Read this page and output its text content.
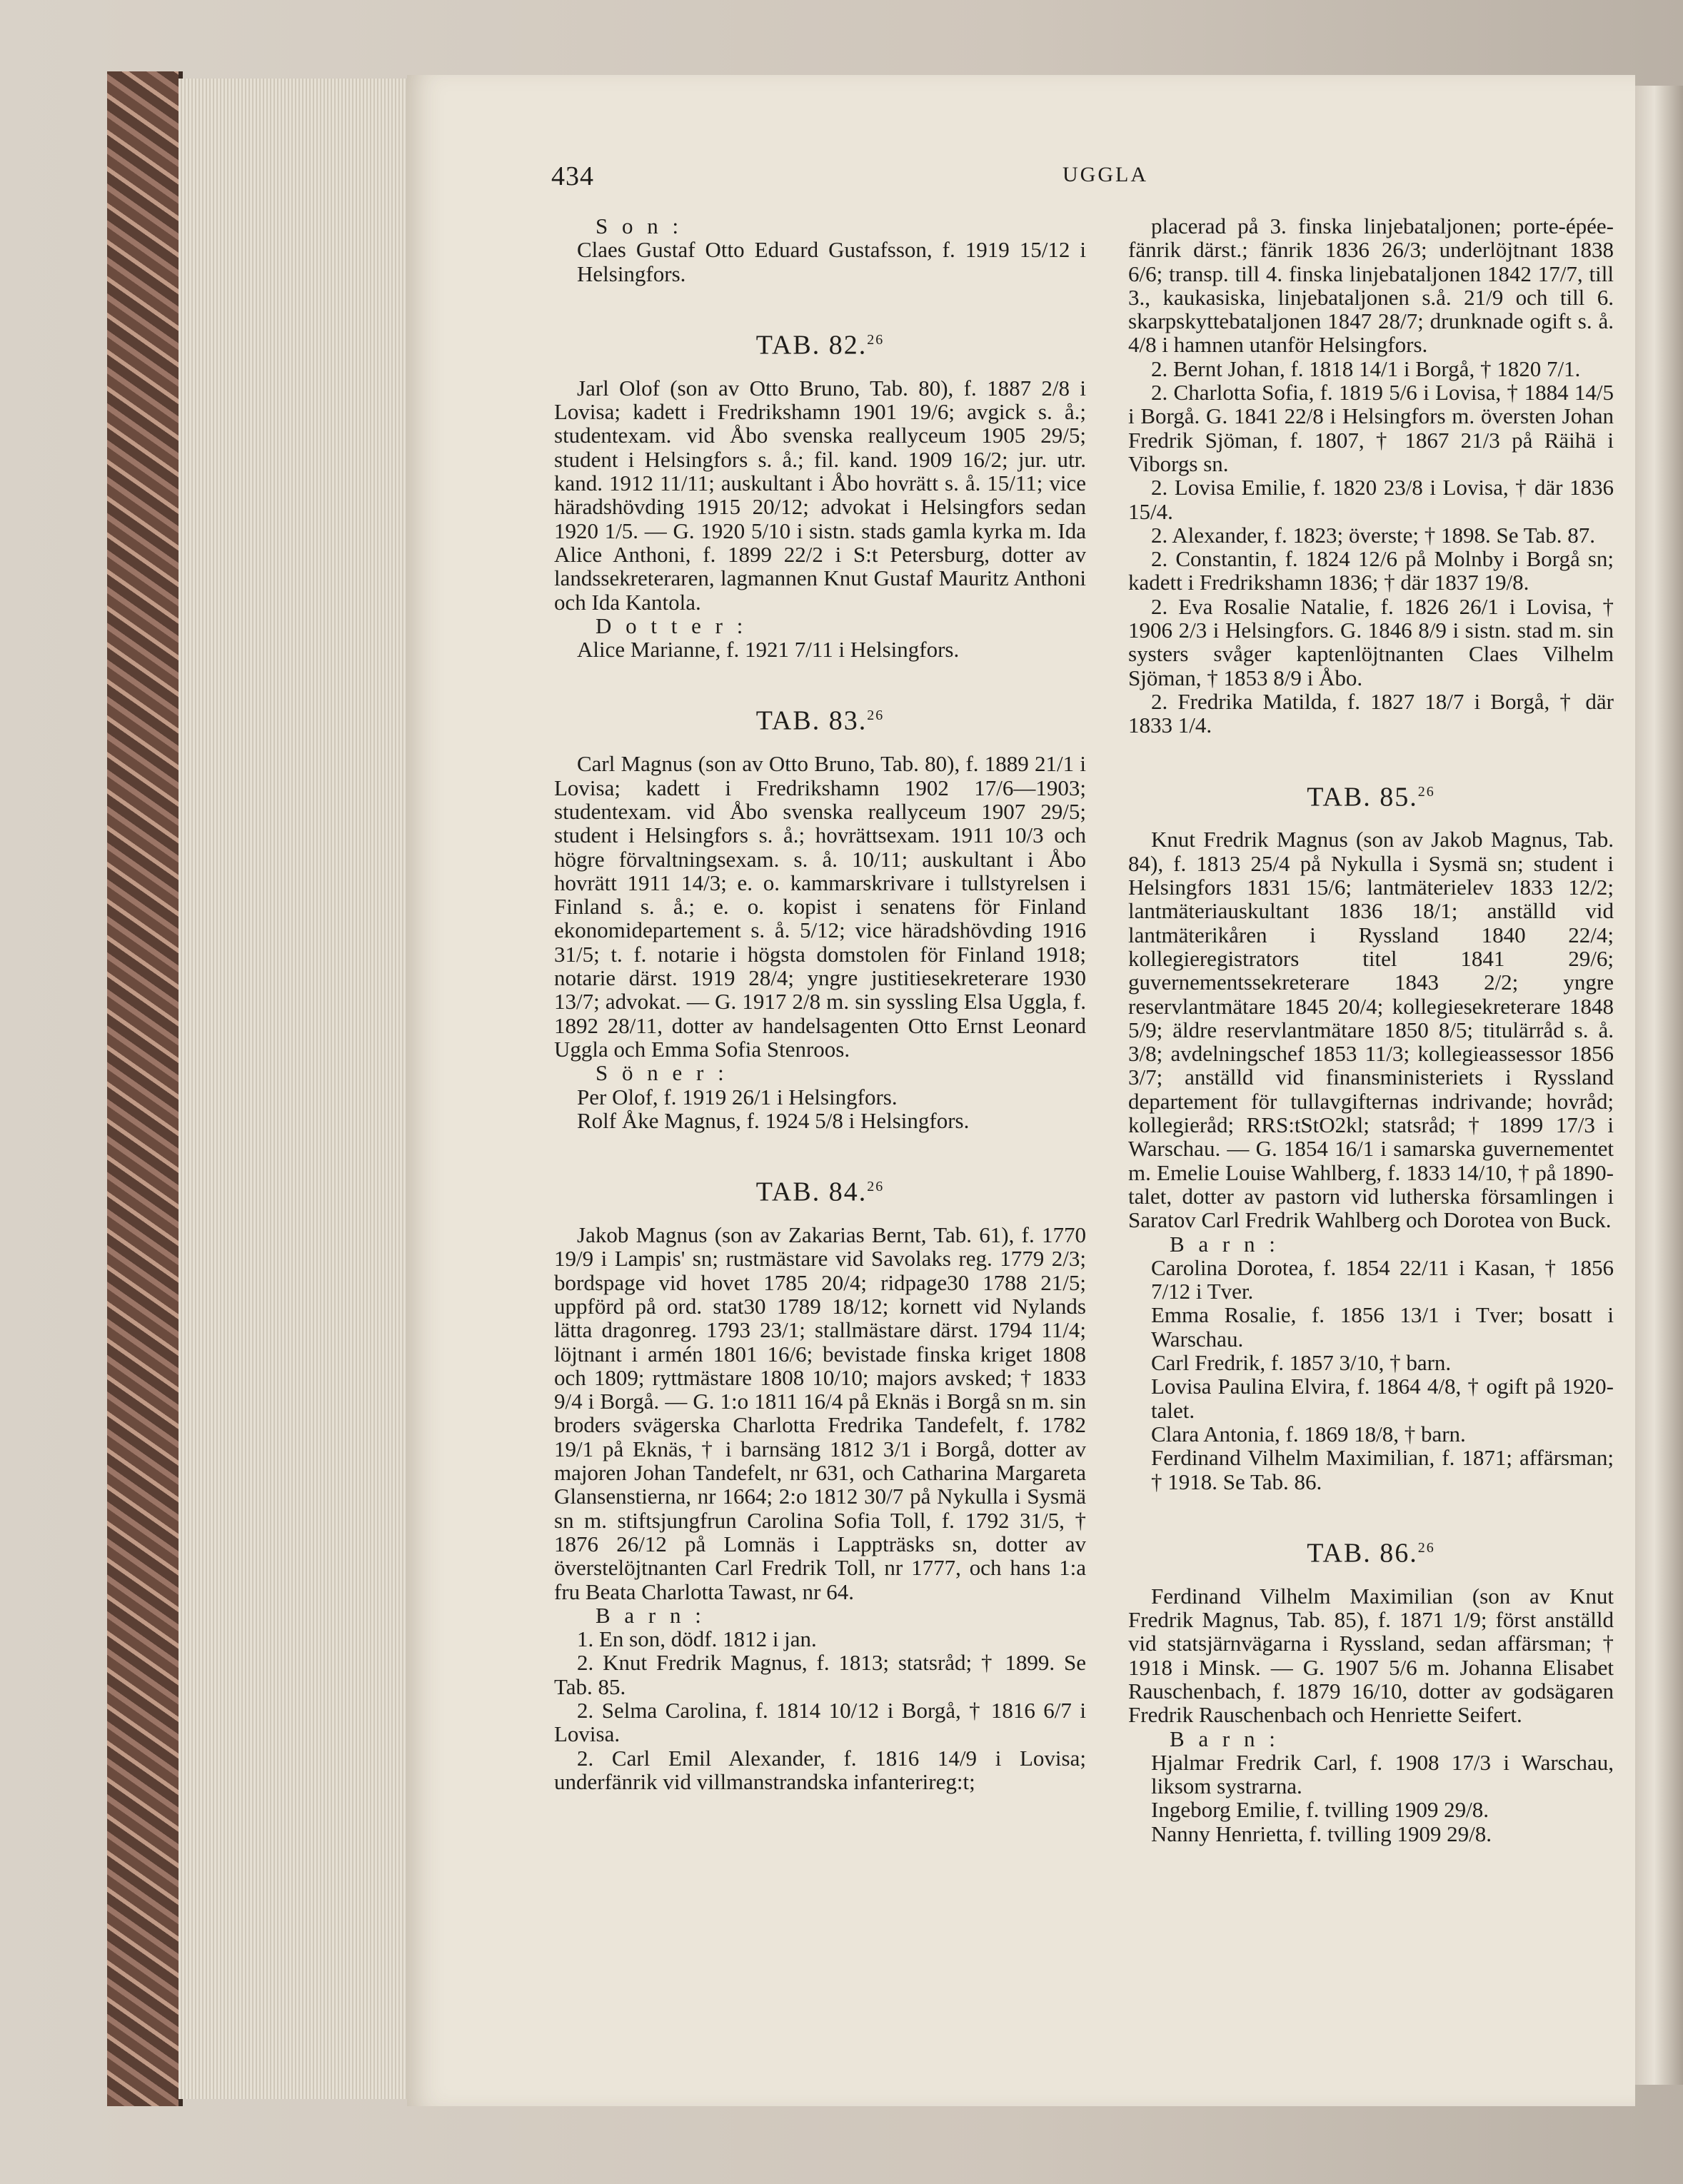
434	UGGLA
S o n :
Claes Gustaf Otto Eduard Gustafsson, f. 1919 15/12 i Helsingfors.
TAB. 82.26
Jarl Olof (son av Otto Bruno, Tab. 80), f. 1887 2/8 i Lovisa; kadett i Fredrikshamn 1901 19/6; avgick s. å.; studentexam. vid Åbo svenska reallyceum 1905 29/5; student i Helsingfors s. å.; fil. kand. 1909 16/2; jur. utr. kand. 1912 11/11; auskultant i Åbo hovrätt s. å. 15/11; vice häradshövding 1915 20/12; advokat i Helsingfors sedan 1920 1/5. — G. 1920 5/10 i sistn. stads gamla kyrka m. Ida Alice Anthoni, f. 1899 22/2 i S:t Petersburg, dotter av landssekreteraren, lagmannen Knut Gustaf Mauritz Anthoni och Ida Kantola.
D o t t e r :
Alice Marianne, f. 1921 7/11 i Helsingfors.
TAB. 83.26
Carl Magnus (son av Otto Bruno, Tab. 80), f. 1889 21/1 i Lovisa; kadett i Fredrikshamn 1902 17/6—1903; studentexam. vid Åbo svenska reallyceum 1907 29/5; student i Helsingfors s. å.; hovrättsexam. 1911 10/3 och högre förvaltningsexam. s. å. 10/11; auskultant i Åbo hovrätt 1911 14/3; e. o. kammarskrivare i tullstyrelsen i Finland s. å.; e. o. kopist i senatens för Finland ekonomidepartement s. å. 5/12; vice häradshövding 1916 31/5; t. f. notarie i högsta domstolen för Finland 1918; notarie därst. 1919 28/4; yngre justitiesekreterare 1930 13/7; advokat. — G. 1917 2/8 m. sin syssling Elsa Uggla, f. 1892 28/11, dotter av handelsagenten Otto Ernst Leonard Uggla och Emma Sofia Stenroos.
S ö n e r :
Per Olof, f. 1919 26/1 i Helsingfors.
Rolf Åke Magnus, f. 1924 5/8 i Helsingfors.
TAB. 84.26
Jakob Magnus (son av Zakarias Bernt, Tab. 61), f. 1770 19/9 i Lampis' sn; rustmästare vid Savolaks reg. 1779 2/3; bordspage vid hovet 1785 20/4; ridpage30 1788 21/5; uppförd på ord. stat30 1789 18/12; kornett vid Nylands lätta dragonreg. 1793 23/1; stallmästare därst. 1794 11/4; löjtnant i armén 1801 16/6; bevistade finska kriget 1808 och 1809; ryttmästare 1808 10/10; majors avsked; † 1833 9/4 i Borgå. — G. 1:o 1811 16/4 på Eknäs i Borgå sn m. sin broders svägerska Charlotta Fredrika Tandefelt, f. 1782 19/1 på Eknäs, † i barnsäng 1812 3/1 i Borgå, dotter av majoren Johan Tandefelt, nr 631, och Catharina Margareta Glansenstierna, nr 1664; 2:o 1812 30/7 på Nykulla i Sysmä sn m. stiftsjungfrun Carolina Sofia Toll, f. 1792 31/5, † 1876 26/12 på Lomnäs i Lappträsks sn, dotter av överstelöjtnanten Carl Fredrik Toll, nr 1777, och hans 1:a fru Beata Charlotta Tawast, nr 64.
B a r n :
1. En son, dödf. 1812 i jan.
2. Knut Fredrik Magnus, f. 1813; statsråd; † 1899. Se Tab. 85.
2. Selma Carolina, f. 1814 10/12 i Borgå, † 1816 6/7 i Lovisa.
2. Carl Emil Alexander, f. 1816 14/9 i Lovisa; underfänrik vid villmanstrandska infanterireg:t;
placerad på 3. finska linjebataljonen; porte-épée-fänrik därst.; fänrik 1836 26/3; underlöjtnant 1838 6/6; transp. till 4. finska linjebataljonen 1842 17/7, till 3., kaukasiska, linjebataljonen s.å. 21/9 och till 6. skarpskyttebataljonen 1847 28/7; drunknade ogift s. å. 4/8 i hamnen utanför Helsingfors.
2. Bernt Johan, f. 1818 14/1 i Borgå, † 1820 7/1.
2. Charlotta Sofia, f. 1819 5/6 i Lovisa, † 1884 14/5 i Borgå. G. 1841 22/8 i Helsingfors m. översten Johan Fredrik Sjöman, f. 1807, † 1867 21/3 på Räihä i Viborgs sn.
2. Lovisa Emilie, f. 1820 23/8 i Lovisa, † där 1836 15/4.
2. Alexander, f. 1823; överste; † 1898. Se Tab. 87.
2. Constantin, f. 1824 12/6 på Molnby i Borgå sn; kadett i Fredrikshamn 1836; † där 1837 19/8.
2. Eva Rosalie Natalie, f. 1826 26/1 i Lovisa, † 1906 2/3 i Helsingfors. G. 1846 8/9 i sistn. stad m. sin systers svåger kaptenlöjtnanten Claes Vilhelm Sjöman, † 1853 8/9 i Åbo.
2. Fredrika Matilda, f. 1827 18/7 i Borgå, † där 1833 1/4.
TAB. 85.26
Knut Fredrik Magnus (son av Jakob Magnus, Tab. 84), f. 1813 25/4 på Nykulla i Sysmä sn; student i Helsingfors 1831 15/6; lantmäterielev 1833 12/2; lantmäteriauskultant 1836 18/1; anställd vid lantmäterikåren i Ryssland 1840 22/4; kollegieregistrators titel 1841 29/6; guvernementssekreterare 1843 2/2; yngre reservlantmätare 1845 20/4; kollegiesekreterare 1848 5/9; äldre reservlantmätare 1850 8/5; titulärråd s. å. 3/8; avdelningschef 1853 11/3; kollegieassessor 1856 3/7; anställd vid finansministeriets i Ryssland departement för tullavgifternas indrivande; hovråd; kollegieråd; RRS:tStO2kl; statsråd; † 1899 17/3 i Warschau. — G. 1854 16/1 i samarska guvernementet m. Emelie Louise Wahlberg, f. 1833 14/10, † på 1890-talet, dotter av pastorn vid lutherska församlingen i Saratov Carl Fredrik Wahlberg och Dorotea von Buck.
B a r n :
Carolina Dorotea, f. 1854 22/11 i Kasan, † 1856 7/12 i Tver.
Emma Rosalie, f. 1856 13/1 i Tver; bosatt i Warschau.
Carl Fredrik, f. 1857 3/10, † barn.
Lovisa Paulina Elvira, f. 1864 4/8, † ogift på 1920-talet.
Clara Antonia, f. 1869 18/8, † barn.
Ferdinand Vilhelm Maximilian, f. 1871; affärsman; † 1918. Se Tab. 86.
TAB. 86.26
Ferdinand Vilhelm Maximilian (son av Knut Fredrik Magnus, Tab. 85), f. 1871 1/9; först anställd vid statsjärnvägarna i Ryssland, sedan affärsman; † 1918 i Minsk. — G. 1907 5/6 m. Johanna Elisabet Rauschenbach, f. 1879 16/10, dotter av godsägaren Fredrik Rauschenbach och Henriette Seifert.
B a r n :
Hjalmar Fredrik Carl, f. 1908 17/3 i Warschau, liksom systrarna.
Ingeborg Emilie, f. tvilling 1909 29/8.
Nanny Henrietta, f. tvilling 1909 29/8.
